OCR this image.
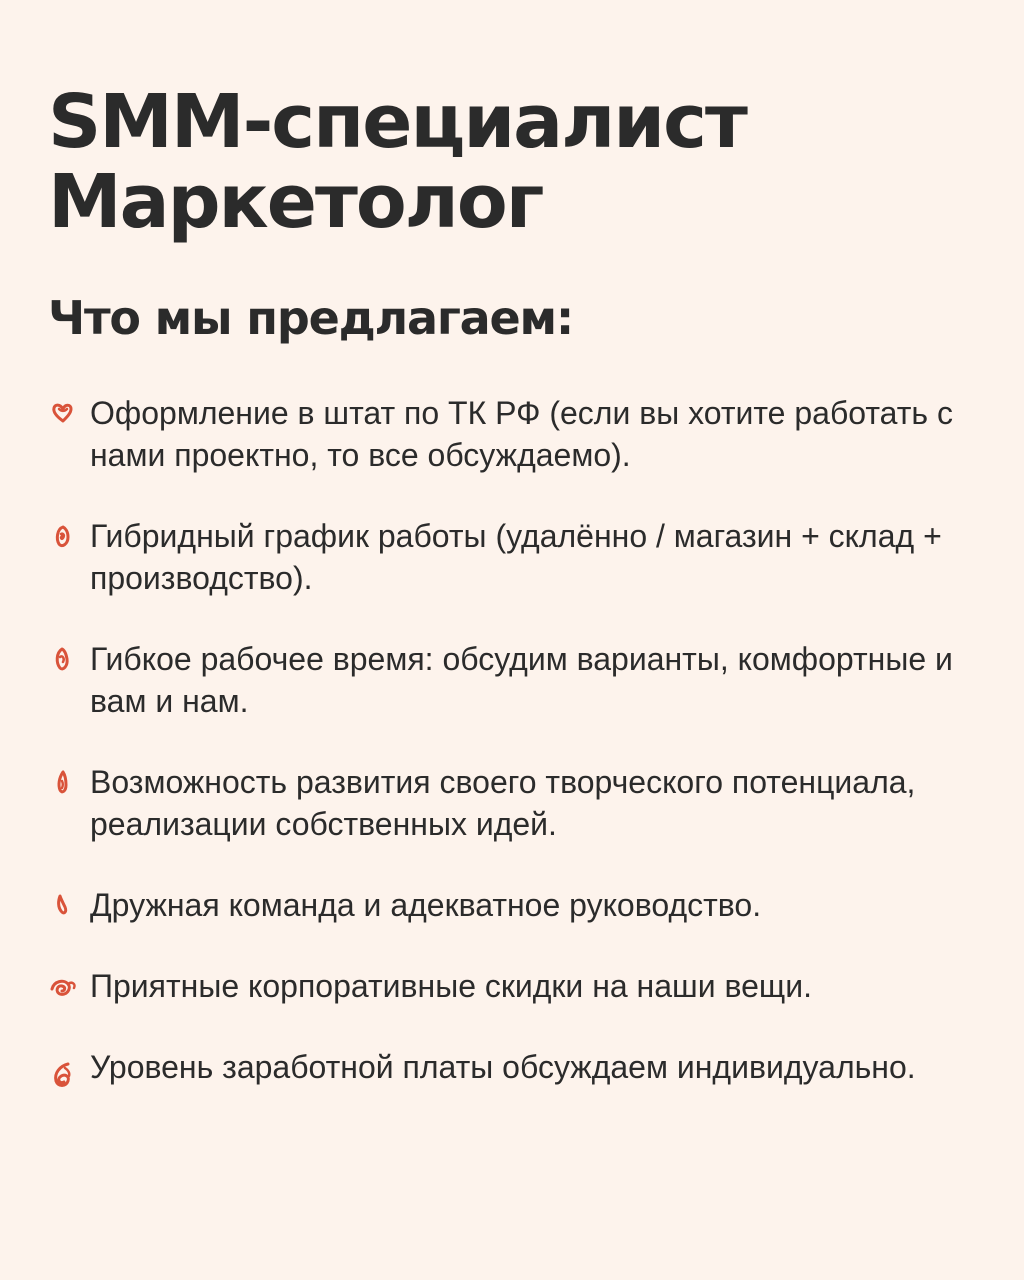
SMM-специалист
Маркетолог
Что мы предлагаем:
Оформление в штат по ТК РФ (если вы хотите работать с нами проектно, то все обсуждаемо).
Гибридный график работы (удалённо / магазин + склад + производство).
Гибкое рабочее время: обсудим варианты, комфортные и вам и нам.
Возможность развития своего творческого потенциала, реализации собственных идей.
Дружная команда и адекватное руководство.
Приятные корпоративные скидки на наши вещи.
Уровень заработной платы обсуждаем индивидуально.
